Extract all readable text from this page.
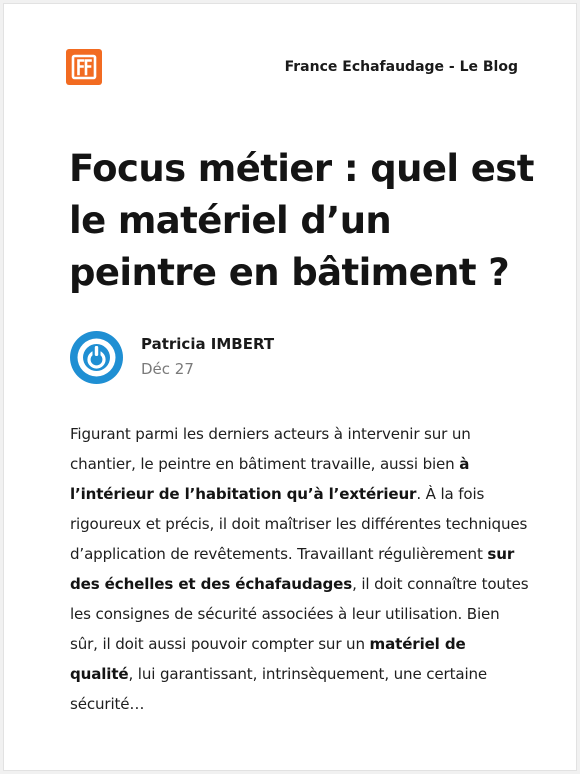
France Echafaudage - Le Blog
Focus métier : quel est le matériel d’un peintre en bâtiment ?
Patricia IMBERT
Déc 27

Figurant parmi les derniers acteurs à intervenir sur un chantier, le peintre en bâtiment travaille, aussi bien à l’intérieur de l’habitation qu’à l’extérieur. À la fois rigoureux et précis, il doit maîtriser les différentes techniques d’application de revêtements. Travaillant régulièrement sur des échelles et des échafaudages, il doit connaître toutes les consignes de sécurité associées à leur utilisation. Bien sûr, il doit aussi pouvoir compter sur un matériel de qualité, lui garantissant, intrinsèquement, une certaine sécurité…
